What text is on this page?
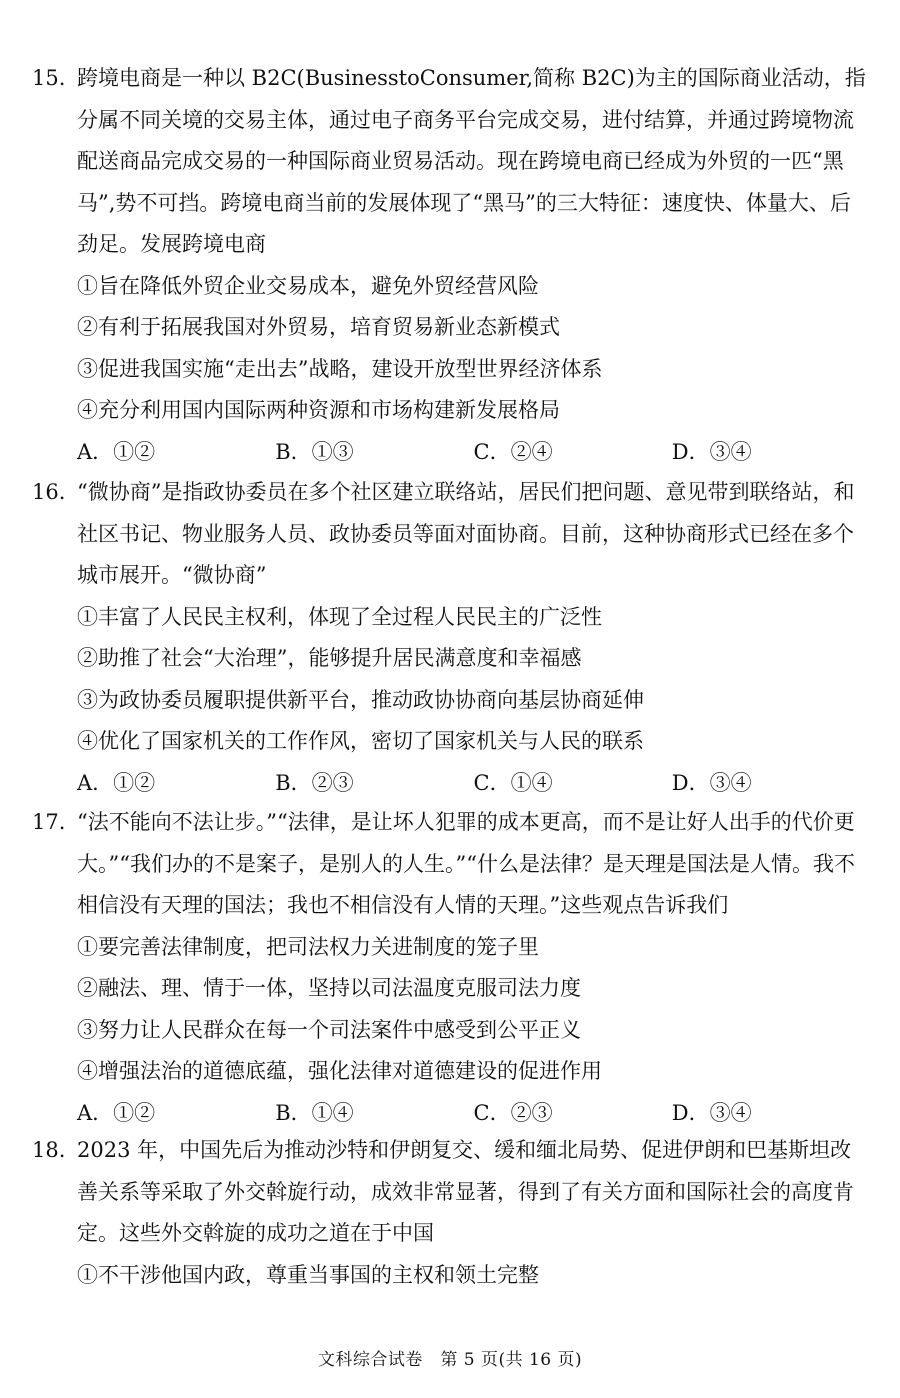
15. 跨境电商是一种以 B2C(BusinesstoConsumer,简称 B2C)为主的国际商业活动，指分属不同关境的交易主体，通过电子商务平台完成交易，进付结算，并通过跨境物流配送商品完成交易的一种国际商业贸易活动。现在跨境电商已经成为外贸的一匹“黑马”,势不可挡。跨境电商当前的发展体现了“黑马”的三大特征：速度快、体量大、后劲足。发展跨境电商
①旨在降低外贸企业交易成本，避免外贸经营风险
②有利于拓展我国对外贸易，培育贸易新业态新模式
③促进我国实施“走出去”战略，建设开放型世界经济体系
④充分利用国内国际两种资源和市场构建新发展格局
A．①②	B．①③	C．②④	D．③④
16. “微协商”是指政协委员在多个社区建立联络站，居民们把问题、意见带到联络站，和社区书记、物业服务人员、政协委员等面对面协商。目前，这种协商形式已经在多个城市展开。“微协商”
①丰富了人民民主权利，体现了全过程人民民主的广泛性
②助推了社会“大治理”，能够提升居民满意度和幸福感
③为政协委员履职提供新平台，推动政协协商向基层协商延伸
④优化了国家机关的工作作风，密切了国家机关与人民的联系
A．①②	B．②③	C．①④	D．③④
17. “法不能向不法让步。”“法律，是让坏人犯罪的成本更高，而不是让好人出手的代价更大。”“我们办的不是案子，是别人的人生。”“什么是法律？是天理是国法是人情。我不相信没有天理的国法；我也不相信没有人情的天理。”这些观点告诉我们
①要完善法律制度，把司法权力关进制度的笼子里
②融法、理、情于一体，坚持以司法温度克服司法力度
③努力让人民群众在每一个司法案件中感受到公平正义
④增强法治的道德底蕴，强化法律对道德建设的促进作用
A．①②	B．①④	C．②③	D．③④
18. 2023 年，中国先后为推动沙特和伊朗复交、缓和缅北局势、促进伊朗和巴基斯坦改善关系等采取了外交斡旋行动，成效非常显著，得到了有关方面和国际社会的高度肯定。这些外交斡旋的成功之道在于中国
①不干涉他国内政，尊重当事国的主权和领土完整
文科综合试卷　第 5 页(共 16 页)
